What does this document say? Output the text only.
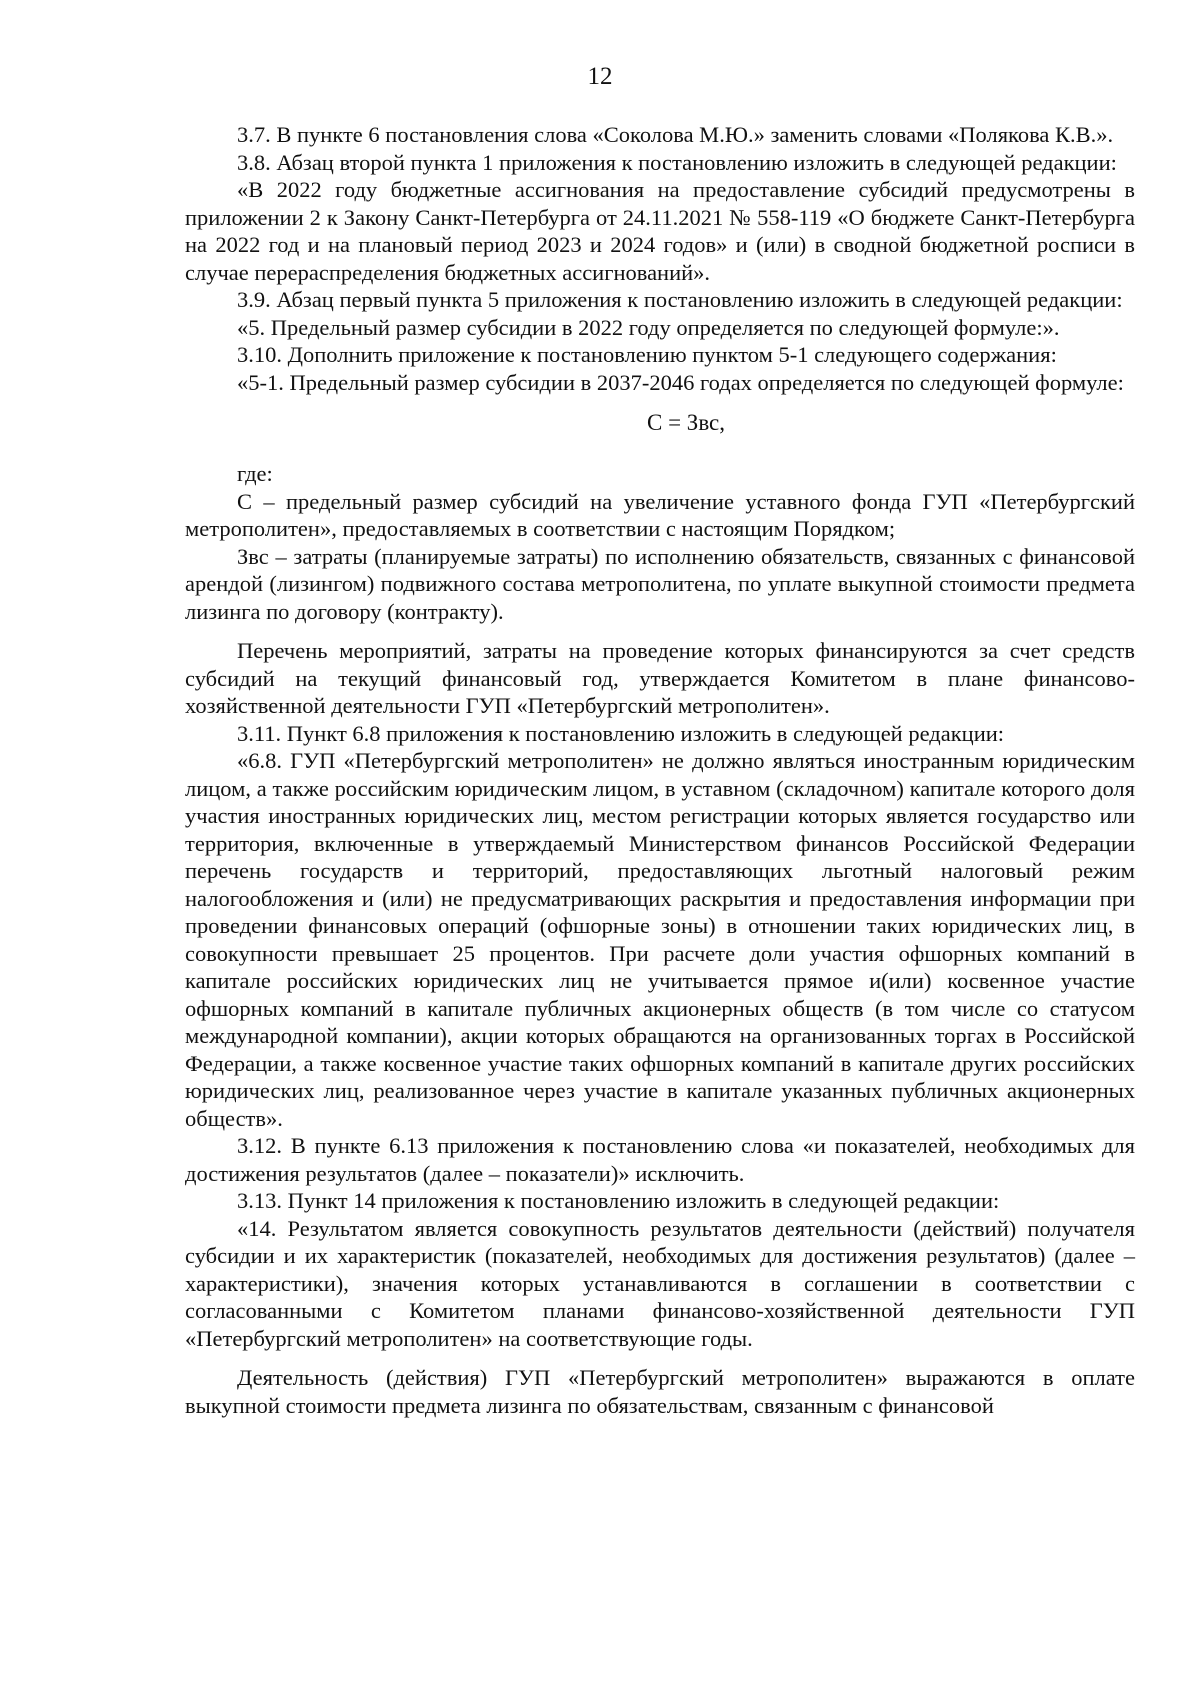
12

3.7. В пункте 6 постановления слова «Соколова М.Ю.» заменить словами «Полякова К.В.».

3.8. Абзац второй пункта 1 приложения к постановлению изложить в следующей редакции:

«В 2022 году бюджетные ассигнования на предоставление субсидий предусмотрены в приложении 2 к Закону Санкт-Петербурга от 24.11.2021 № 558-119 «О бюджете Санкт-Петербурга на 2022 год и на плановый период 2023 и 2024 годов» и (или) в сводной бюджетной росписи в случае перераспределения бюджетных ассигнований».

3.9. Абзац первый пункта 5 приложения к постановлению изложить в следующей редакции:

«5. Предельный размер субсидии в 2022 году определяется по следующей формуле:».

3.10. Дополнить приложение к постановлению пунктом 5-1 следующего содержания:

«5-1. Предельный размер субсидии в 2037-2046 годах определяется по следующей формуле:

С = Звс,

где:

С – предельный размер субсидий на увеличение уставного фонда ГУП «Петербургский метрополитен», предоставляемых в соответствии с настоящим Порядком;

Звс – затраты (планируемые затраты) по исполнению обязательств, связанных с финансовой арендой (лизингом) подвижного состава метрополитена, по уплате выкупной стоимости предмета лизинга по договору (контракту).

Перечень мероприятий, затраты на проведение которых финансируются за счет средств субсидий на текущий финансовый год, утверждается Комитетом в плане финансово-хозяйственной деятельности ГУП «Петербургский метрополитен».

3.11. Пункт 6.8 приложения к постановлению изложить в следующей редакции:

«6.8. ГУП «Петербургский метрополитен» не должно являться иностранным юридическим лицом, а также российским юридическим лицом, в уставном (складочном) капитале которого доля участия иностранных юридических лиц, местом регистрации которых является государство или территория, включенные в утверждаемый Министерством финансов Российской Федерации перечень государств и территорий, предоставляющих льготный налоговый режим налогообложения и (или) не предусматривающих раскрытия и предоставления информации при проведении финансовых операций (офшорные зоны) в отношении таких юридических лиц, в совокупности превышает 25 процентов. При расчете доли участия офшорных компаний в капитале российских юридических лиц не учитывается прямое и(или) косвенное участие офшорных компаний в капитале публичных акционерных обществ (в том числе со статусом международной компании), акции которых обращаются на организованных торгах в Российской Федерации, а также косвенное участие таких офшорных компаний в капитале других российских юридических лиц, реализованное через участие в капитале указанных публичных акционерных обществ».

3.12. В пункте 6.13 приложения к постановлению слова «и показателей, необходимых для достижения результатов (далее – показатели)» исключить.

3.13. Пункт 14 приложения к постановлению изложить в следующей редакции:

«14. Результатом является совокупность результатов деятельности (действий) получателя субсидии и их характеристик (показателей, необходимых для достижения результатов) (далее – характеристики), значения которых устанавливаются в соглашении в соответствии с согласованными с Комитетом планами финансово-хозяйственной деятельности ГУП «Петербургский метрополитен» на соответствующие годы.

Деятельность (действия) ГУП «Петербургский метрополитен» выражаются в оплате выкупной стоимости предмета лизинга по обязательствам, связанным с финансовой
